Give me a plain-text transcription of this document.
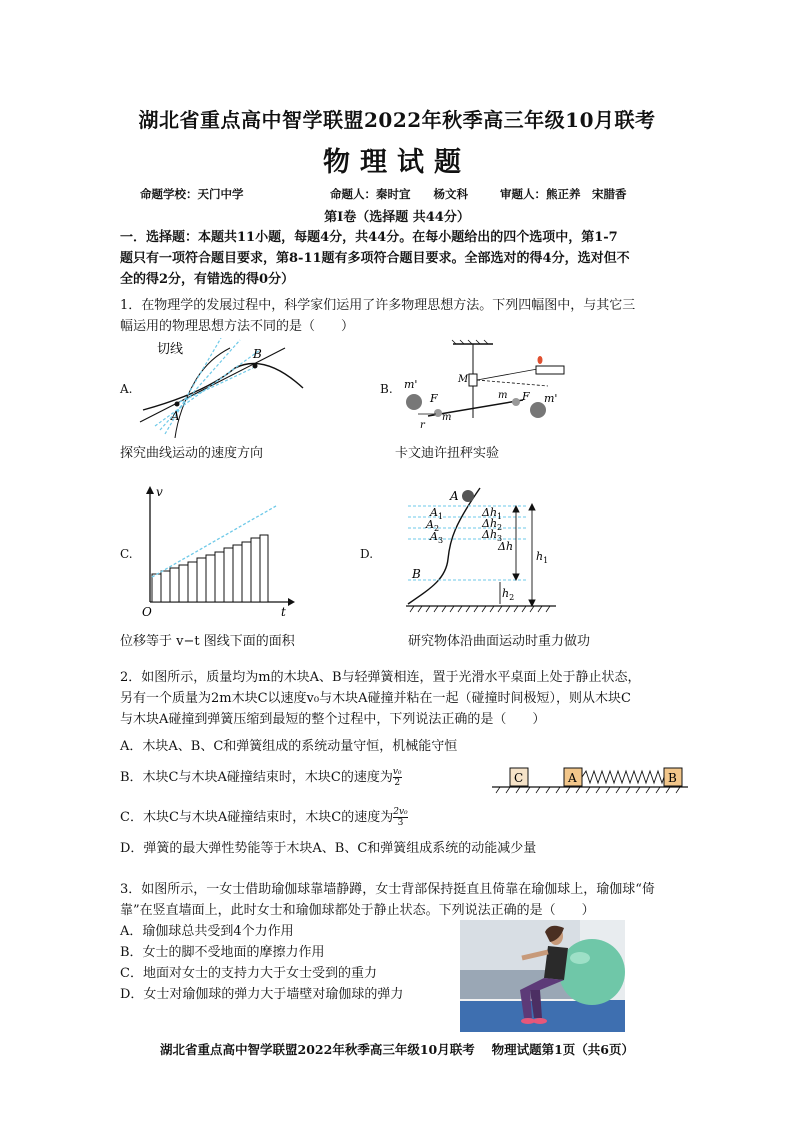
湖北省重点高中智学联盟2022年秋季高三年级10月联考
物理试题
命题学校：天门中学	命题人：秦时宜　　杨文科	审题人：熊正养　宋腊香
第Ⅰ卷（选择题 共44分）
一．选择题：本题共11小题，每题4分，共44分。在每小题给出的四个选项中，第1-7
题只有一项符合题目要求，第8-11题有多项符合题目要求。全部选对的得4分，选对但不
全的得2分，有错选的得0分）
1．在物理学的发展过程中，科学家们运用了许多物理思想方法。下列四幅图中，与其它三
幅运用的物理思想方法不同的是（　　）
A.
切线
A
B
探究曲线运动的速度方向
B. m'
m'
F	F
m
m
M
r
卡文迪许扭秤实验
C.
v
t
O
位移等于 v−t 图线下面的面积
D.
A
$A_1$
$A_2$
$A_3$
B
$\Delta h_1$
$\Delta h_2$
$\Delta h_3$
Δh
$h_1$
$h_2$
研究物体沿曲面运动时重力做功
2．如图所示，质量均为m的木块A、B与轻弹簧相连，置于光滑水平桌面上处于静止状态，
另有一个质量为2m木块C以速度v₀与木块A碰撞并粘在一起（碰撞时间极短），则从木块C
与木块A碰撞到弹簧压缩到最短的整个过程中，下列说法正确的是（　　）
A．木块A、B、C和弹簧组成的系统动量守恒，机械能守恒
B．木块C与木块A碰撞结束时，木块C的速度为 $\frac{\text{v₀}}{2}$
C．木块C与木块A碰撞结束时，木块C的速度为 $\frac{\text{2v₀}}{3}$
D．弹簧的最大弹性势能等于木块A、B、C和弹簧组成系统的动能减少量
C	A	B
3．如图所示，一女士借助瑜伽球靠墙静蹲，女士背部保持挺直且倚靠在瑜伽球上，瑜伽球“倚
靠”在竖直墙面上，此时女士和瑜伽球都处于静止状态。下列说法正确的是（　　）
A．瑜伽球总共受到4个力作用
B．女士的脚不受地面的摩擦力作用
C．地面对女士的支持力大于女士受到的重力
D．女士对瑜伽球的弹力大于墙壁对瑜伽球的弹力
湖北省重点高中智学联盟2022年秋季高三年级10月联考　 物理试题第1页（共6页）
